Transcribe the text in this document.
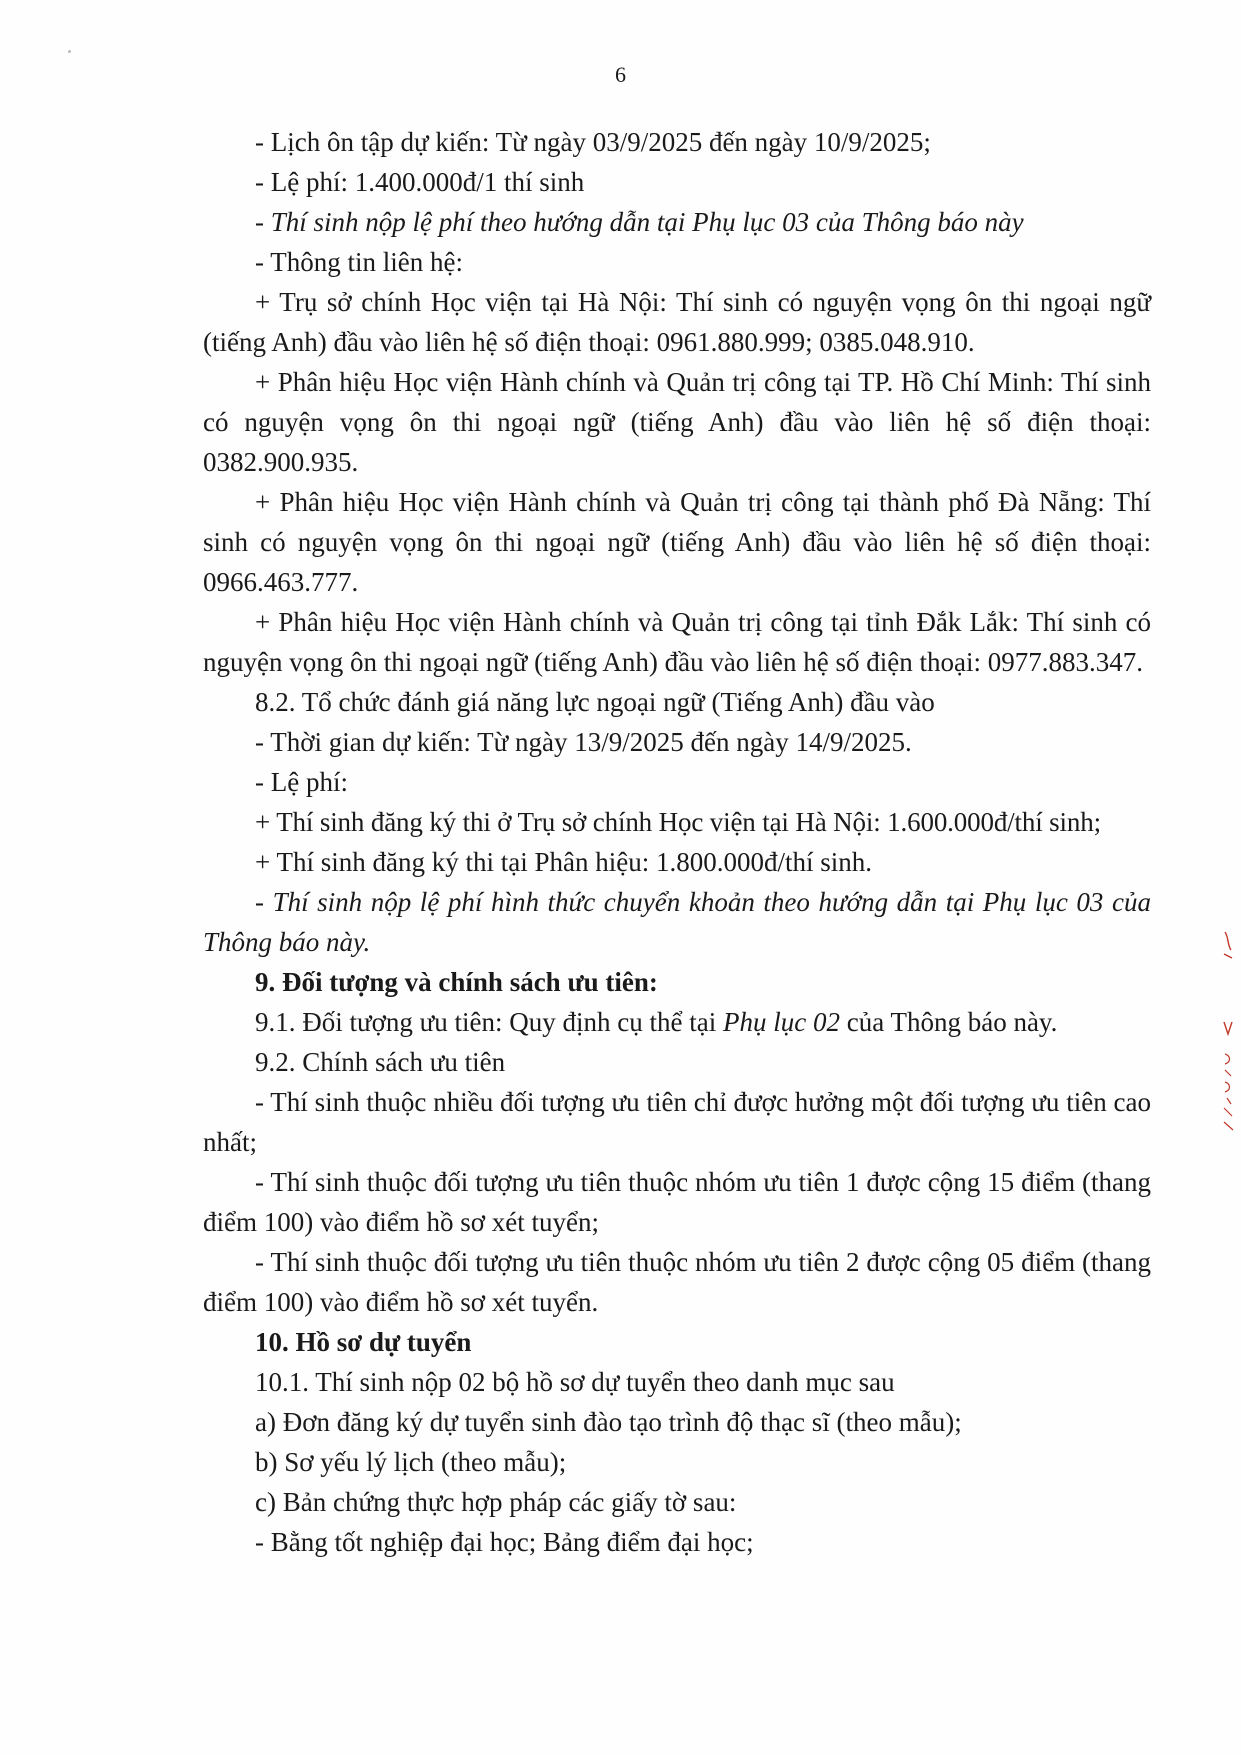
6

- Lịch ôn tập dự kiến: Từ ngày 03/9/2025 đến ngày 10/9/2025;

- Lệ phí: 1.400.000đ/1 thí sinh

- Thí sinh nộp lệ phí theo hướng dẫn tại Phụ lục 03 của Thông báo này

- Thông tin liên hệ:

+ Trụ sở chính Học viện tại Hà Nội: Thí sinh có nguyện vọng ôn thi ngoại ngữ (tiếng Anh) đầu vào liên hệ số điện thoại: 0961.880.999; 0385.048.910.

+ Phân hiệu Học viện Hành chính và Quản trị công tại TP. Hồ Chí Minh: Thí sinh có nguyện vọng ôn thi ngoại ngữ (tiếng Anh) đầu vào liên hệ số điện thoại: 0382.900.935.

+ Phân hiệu Học viện Hành chính và Quản trị công tại thành phố Đà Nẵng: Thí sinh có nguyện vọng ôn thi ngoại ngữ (tiếng Anh) đầu vào liên hệ số điện thoại: 0966.463.777.

+ Phân hiệu Học viện Hành chính và Quản trị công tại tỉnh Đắk Lắk: Thí sinh có nguyện vọng ôn thi ngoại ngữ (tiếng Anh) đầu vào liên hệ số điện thoại: 0977.883.347.

8.2. Tổ chức đánh giá năng lực ngoại ngữ (Tiếng Anh) đầu vào

- Thời gian dự kiến: Từ ngày 13/9/2025 đến ngày 14/9/2025.

- Lệ phí:

+ Thí sinh đăng ký thi ở Trụ sở chính Học viện tại Hà Nội: 1.600.000đ/thí sinh;

+ Thí sinh đăng ký thi tại Phân hiệu: 1.800.000đ/thí sinh.

- Thí sinh nộp lệ phí hình thức chuyển khoản theo hướng dẫn tại Phụ lục 03 của Thông báo này.

9. Đối tượng và chính sách ưu tiên:

9.1. Đối tượng ưu tiên: Quy định cụ thể tại Phụ lục 02 của Thông báo này.

9.2. Chính sách ưu tiên

- Thí sinh thuộc nhiều đối tượng ưu tiên chỉ được hưởng một đối tượng ưu tiên cao nhất;

- Thí sinh thuộc đối tượng ưu tiên thuộc nhóm ưu tiên 1 được cộng 15 điểm (thang điểm 100) vào điểm hồ sơ xét tuyển;

- Thí sinh thuộc đối tượng ưu tiên thuộc nhóm ưu tiên 2 được cộng 05 điểm (thang điểm 100) vào điểm hồ sơ xét tuyển.

10. Hồ sơ dự tuyển

10.1. Thí sinh nộp 02 bộ hồ sơ dự tuyển theo danh mục sau

a) Đơn đăng ký dự tuyển sinh đào tạo trình độ thạc sĩ (theo mẫu);

b) Sơ yếu lý lịch (theo mẫu);

c) Bản chứng thực hợp pháp các giấy tờ sau:

- Bằng tốt nghiệp đại học; Bảng điểm đại học;
